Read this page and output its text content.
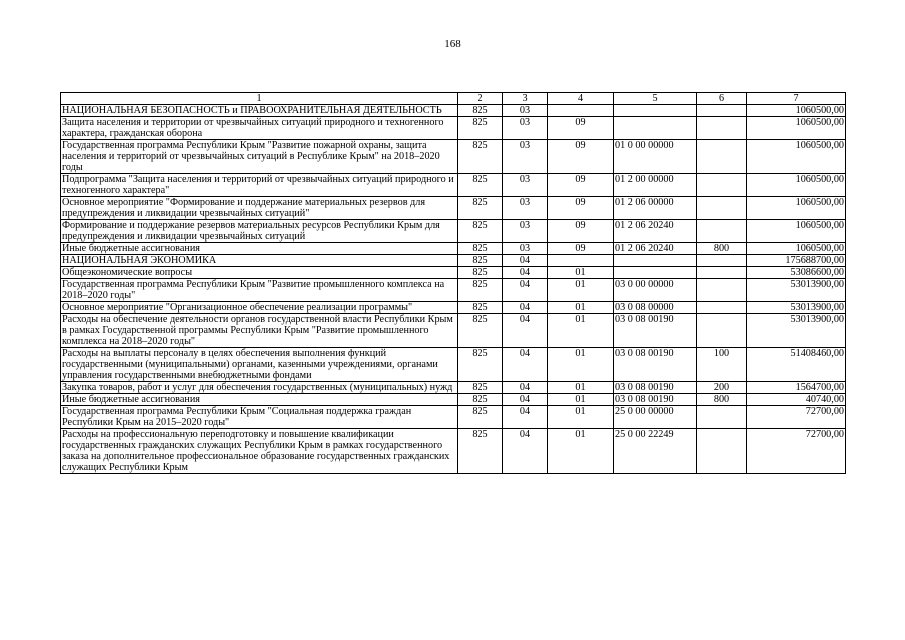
168
1	2	3	4	5	6	7
НАЦИОНАЛЬНАЯ БЕЗОПАСНОСТЬ и ПРАВООХРАНИТЕЛЬНАЯ ДЕЯТЕЛЬНОСТЬ	825	03				1060500,00
Защита населения и территории от чрезвычайных ситуаций природного и техногенного характера, гражданская оборона	825	03	09			1060500,00
Государственная программа Республики Крым "Развитие пожарной охраны, защита населения и территорий от чрезвычайных ситуаций в Республике Крым" на 2018–2020 годы	825	03	09	01 0 00 00000		1060500,00
Подпрограмма "Защита населения и территорий от чрезвычайных ситуаций природного и техногенного характера"	825	03	09	01 2 00 00000		1060500,00
Основное мероприятие "Формирование и поддержание материальных резервов для предупреждения и ликвидации чрезвычайных ситуаций"	825	03	09	01 2 06 00000		1060500,00
Формирование и поддержание резервов материальных ресурсов Республики Крым для предупреждения и ликвидации чрезвычайных ситуаций	825	03	09	01 2 06 20240		1060500,00
Иные бюджетные ассигнования	825	03	09	01 2 06 20240	800	1060500,00
НАЦИОНАЛЬНАЯ ЭКОНОМИКА	825	04				175688700,00
Общеэкономические вопросы	825	04	01			53086600,00
Государственная программа Республики Крым "Развитие промышленного комплекса на 2018–2020 годы"	825	04	01	03 0 00 00000		53013900,00
Основное мероприятие "Организационное обеспечение реализации программы"	825	04	01	03 0 08 00000		53013900,00
Расходы на обеспечение деятельности органов государственной власти Республики Крым в рамках Государственной программы Республики Крым "Развитие промышленного комплекса на 2018–2020 годы"	825	04	01	03 0 08 00190		53013900,00
Расходы на выплаты персоналу в целях обеспечения выполнения функций государственными (муниципальными) органами, казенными учреждениями, органами управления государственными внебюджетными фондами	825	04	01	03 0 08 00190	100	51408460,00
Закупка товаров, работ и услуг для обеспечения государственных (муниципальных) нужд	825	04	01	03 0 08 00190	200	1564700,00
Иные бюджетные ассигнования	825	04	01	03 0 08 00190	800	40740,00
Государственная программа Республики Крым "Социальная поддержка граждан Республики Крым на 2015–2020 годы"	825	04	01	25 0 00 00000		72700,00
Расходы на профессиональную переподготовку и повышение квалификации государственных гражданских служащих Республики Крым в рамках государственного заказа на дополнительное профессиональное образование государственных гражданских служащих Республики Крым	825	04	01	25 0 00 22249		72700,00
